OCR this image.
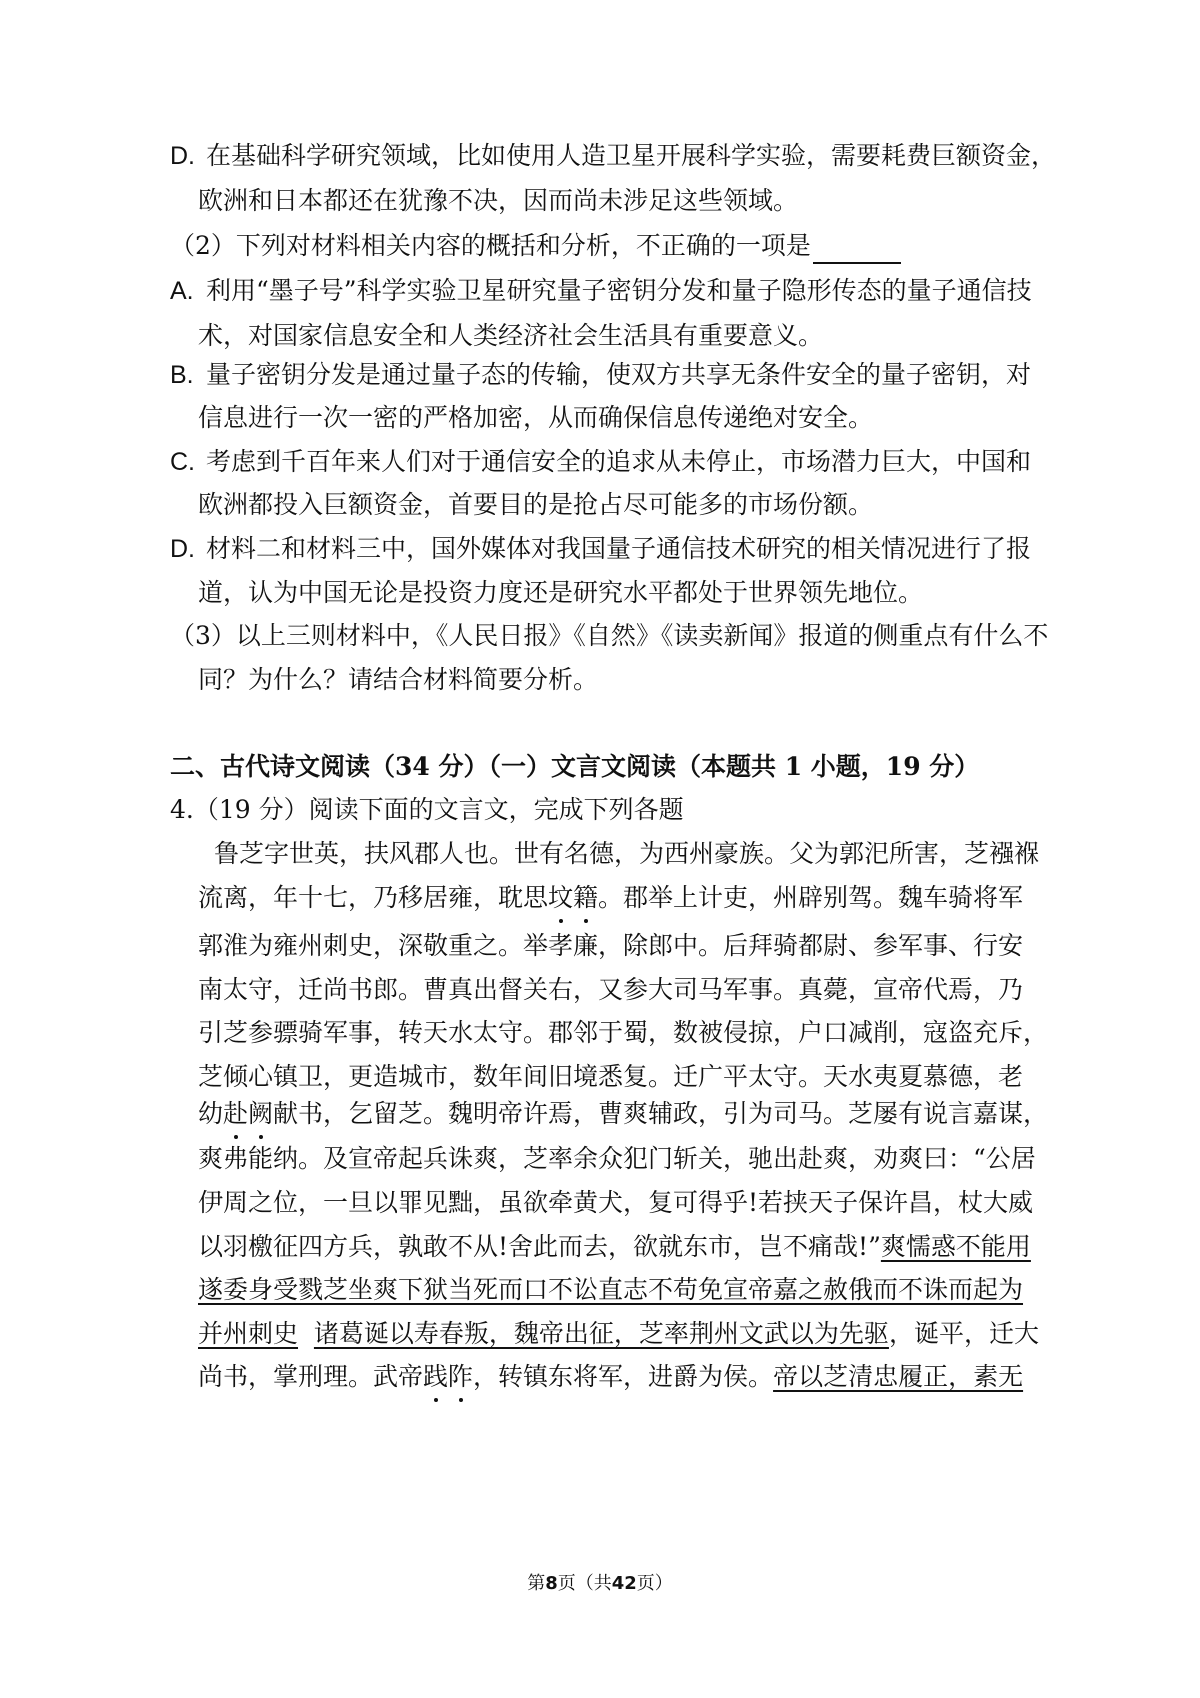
D. 在基础科学研究领域，比如使用人造卫星开展科学实验，需要耗费巨额资金，
欧洲和日本都还在犹豫不决，因而尚未涉足这些领域。
（2）下列对材料相关内容的概括和分析，不正确的一项是
A. 利用“墨子号”科学实验卫星研究量子密钥分发和量子隐形传态的量子通信技
术，对国家信息安全和人类经济社会生活具有重要意义。
B. 量子密钥分发是通过量子态的传输，使双方共享无条件安全的量子密钥，对
信息进行一次一密的严格加密，从而确保信息传递绝对安全。
C. 考虑到千百年来人们对于通信安全的追求从未停止，市场潜力巨大，中国和
欧洲都投入巨额资金，首要目的是抢占尽可能多的市场份额。
D. 材料二和材料三中，国外媒体对我国量子通信技术研究的相关情况进行了报
道，认为中国无论是投资力度还是研究水平都处于世界领先地位。
（3）以上三则材料中，《人民日报》《自然》《读卖新闻》报道的侧重点有什么不
同？为什么？请结合材料简要分析。
二、古代诗文阅读（34 分）（一）文言文阅读（本题共 1 小题，19 分）
4.（19 分）阅读下面的文言文，完成下列各题
鲁芝字世英，扶风郡人也。世有名德，为西州豪族。父为郭汜所害，芝襁褓
流离，年十七，乃移居雍，耽思坟籍。郡举上计吏，州辟别驾。魏车骑将军
郭淮为雍州刺史，深敬重之。举孝廉，除郎中。后拜骑都尉、参军事、行安
南太守，迁尚书郎。曹真出督关右，又参大司马军事。真薨，宣帝代焉，乃
引芝参骠骑军事，转天水太守。郡邻于蜀，数被侵掠，户口减削，寇盗充斥，
芝倾心镇卫，更造城市，数年间旧境悉复。迁广平太守。天水夷夏慕德，老
幼赴阙献书，乞留芝。魏明帝许焉，曹爽辅政，引为司马。芝屡有说言嘉谋，
爽弗能纳。及宣帝起兵诛爽，芝率余众犯门斩关，驰出赴爽，劝爽曰：“公居
伊周之位，一旦以罪见黜，虽欲牵黄犬，复可得乎!若挟天子保许昌，杖大威
以羽檄征四方兵，孰敢不从!舍此而去，欲就东市，岂不痛哉!”爽懦惑不能用
遂委身受戮芝坐爽下狱当死而口不讼直志不苟免宣帝嘉之赦俄而不诛而起为
并州刺史 诸葛诞以寿春叛，魏帝出征，芝率荆州文武以为先驱，诞平，迁大
尚书，掌刑理。武帝践阼，转镇东将军，进爵为侯。帝以芝清忠履正，素无
第8页（共42页）
